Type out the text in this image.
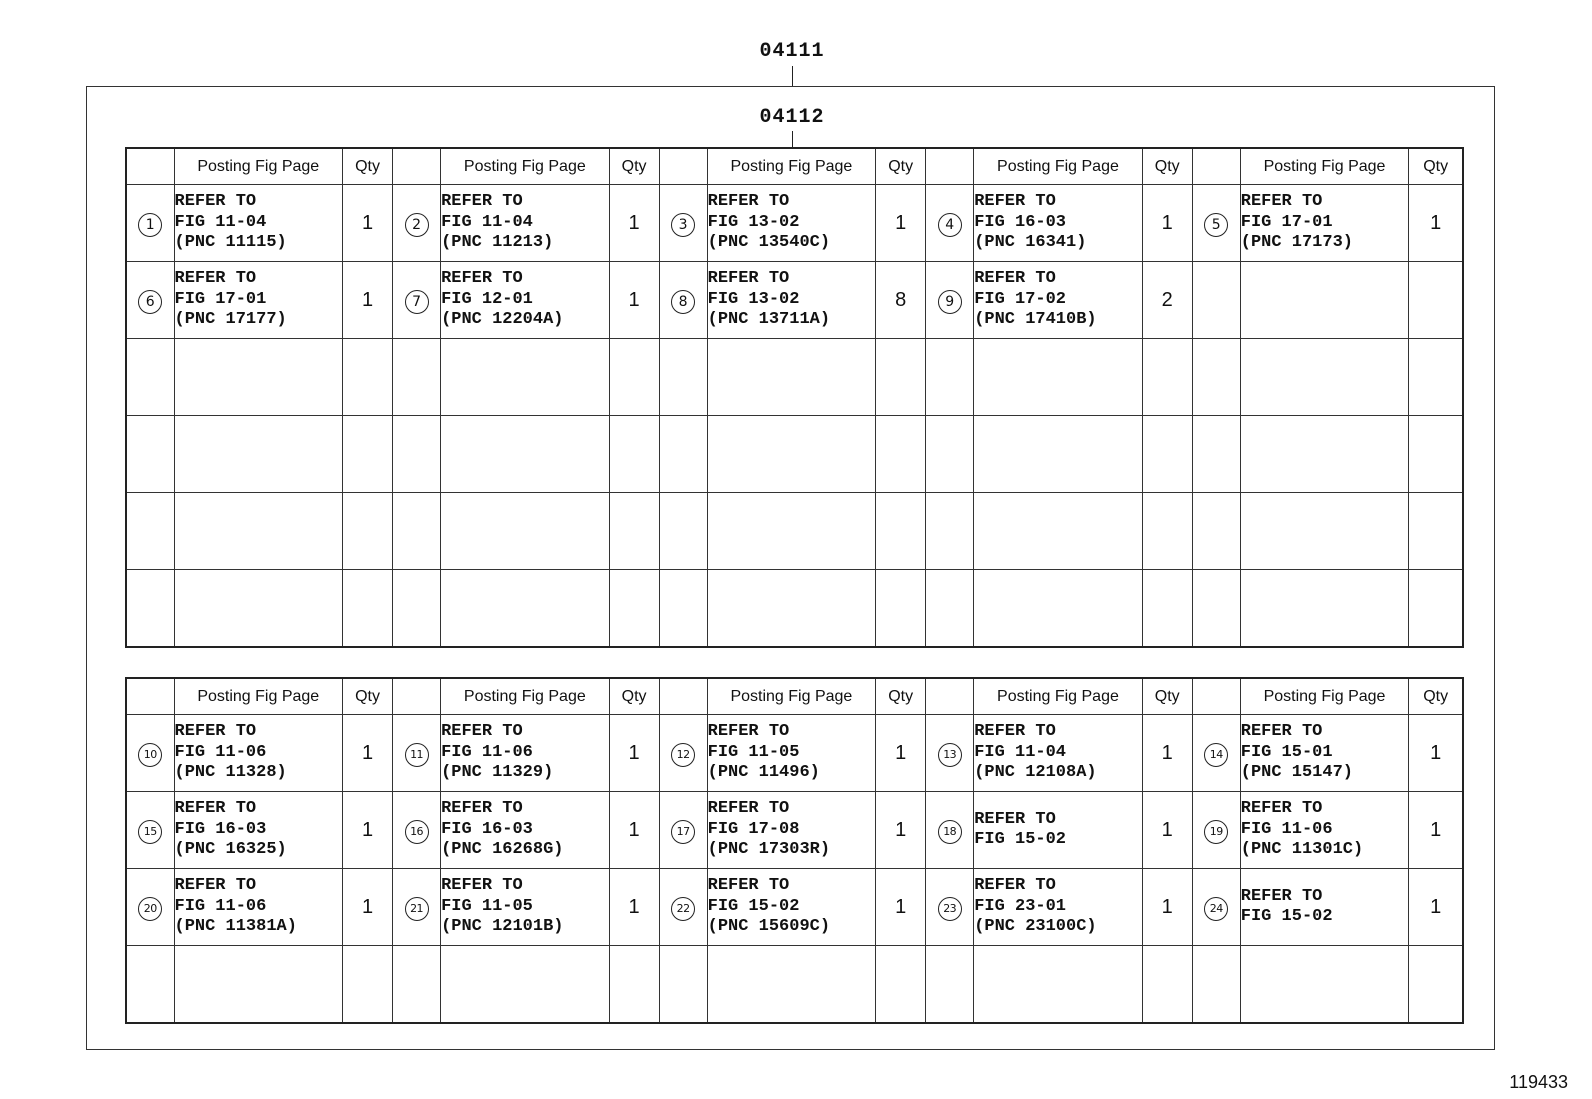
04111
04112
	Posting Fig Page	Qty		Posting Fig Page	Qty		Posting Fig Page	Qty		Posting Fig Page	Qty		Posting Fig Page	Qty
1	REFER TO
FIG 11-04
(PNC 11115)	1	2	REFER TO
FIG 11-04
(PNC 11213)	1	3	REFER TO
FIG 13-02
(PNC 13540C)	1	4	REFER TO
FIG 16-03
(PNC 16341)	1	5	REFER TO
FIG 17-01
(PNC 17173)	1
6	REFER TO
FIG 17-01
(PNC 17177)	1	7	REFER TO
FIG 12-01
(PNC 12204A)	1	8	REFER TO
FIG 13-02
(PNC 13711A)	8	9	REFER TO
FIG 17-02
(PNC 17410B)	2			

	Posting Fig Page	Qty		Posting Fig Page	Qty		Posting Fig Page	Qty		Posting Fig Page	Qty		Posting Fig Page	Qty
10	REFER TO
FIG 11-06
(PNC 11328)	1	11	REFER TO
FIG 11-06
(PNC 11329)	1	12	REFER TO
FIG 11-05
(PNC 11496)	1	13	REFER TO
FIG 11-04
(PNC 12108A)	1	14	REFER TO
FIG 15-01
(PNC 15147)	1
15	REFER TO
FIG 16-03
(PNC 16325)	1	16	REFER TO
FIG 16-03
(PNC 16268G)	1	17	REFER TO
FIG 17-08
(PNC 17303R)	1	18	REFER TO
FIG 15-02	1	19	REFER TO
FIG 11-06
(PNC 11301C)	1
20	REFER TO
FIG 11-06
(PNC 11381A)	1	21	REFER TO
FIG 11-05
(PNC 12101B)	1	22	REFER TO
FIG 15-02
(PNC 15609C)	1	23	REFER TO
FIG 23-01
(PNC 23100C)	1	24	REFER TO
FIG 15-02	1

119433
